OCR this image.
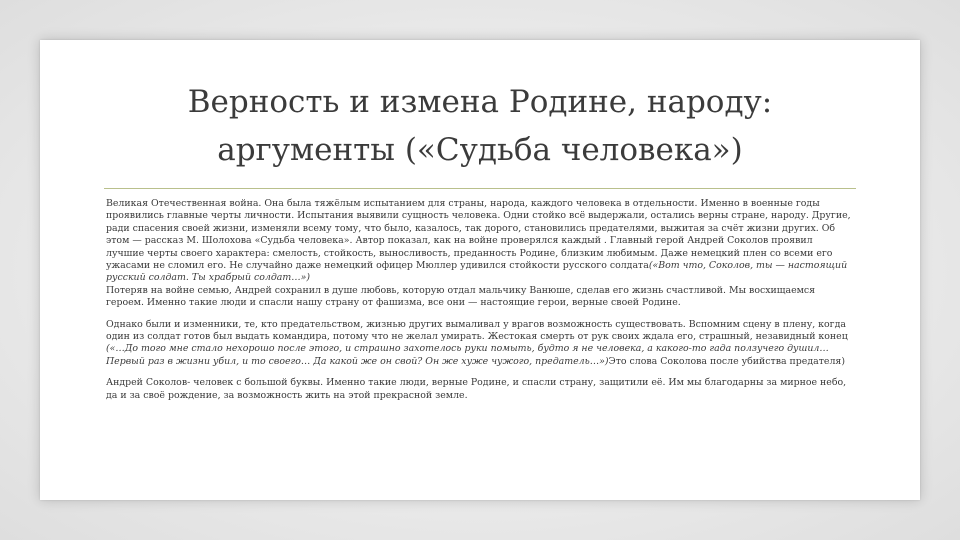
Верность и измена Родине, народу:
аргументы («Судьба человека»)

Великая Отечественная война. Она была тяжёлым испытанием для страны, народа, каждого человека в отдельности. Именно в военные годы проявились главные черты личности. Испытания выявили сущность человека. Одни стойко всё выдержали, остались верны стране, народу. Другие, ради спасения своей жизни, изменяли всему тому, что было, казалось, так дорого, становились предателями, выжитая за счёт жизни других. Об этом — рассказ М. Шолохова «Судьба человека». Автор показал, как на войне проверялся каждый . Главный герой Андрей Соколов проявил лучшие черты своего характера: смелость, стойкость, выносливость, преданность Родине, близким любимым. Даже немецкий плен со всеми его ужасами не сломил его. Не случайно даже немецкий офицер Мюллер удивился стойкости русского солдата(«Вот что, Соколов, ты — настоящий русский солдат. Ты храбрый солдат…»)
Потеряв на войне семью, Андрей сохранил в душе любовь, которую отдал мальчику Ванюше, сделав его жизнь счастливой. Мы восхищаемся героем. Именно такие люди и спасли нашу страну от фашизма, все они — настоящие герои, верные своей Родине.

Однако были и изменники, те, кто предательством, жизнью других вымаливал у врагов возможность существовать. Вспомним сцену в плену, когда один из солдат готов был выдать командира, потому что не желал умирать. Жестокая смерть от рук своих ждала его, страшный, незавидный конец («…До того мне стало нехорошо после этого, и страшно захотелось руки помыть, будто я не человека, а какого-то гада ползучего душил… Первый раз в жизни убил, и то своего… Да какой же он свой? Он же хуже чужого, предатель…»)Это слова Соколова после убийства предателя)

Андрей Соколов- человек с большой буквы. Именно такие люди, верные Родине, и спасли страну, защитили её. Им мы благодарны за мирное небо, да и за своё рождение, за возможность жить на этой прекрасной земле.
